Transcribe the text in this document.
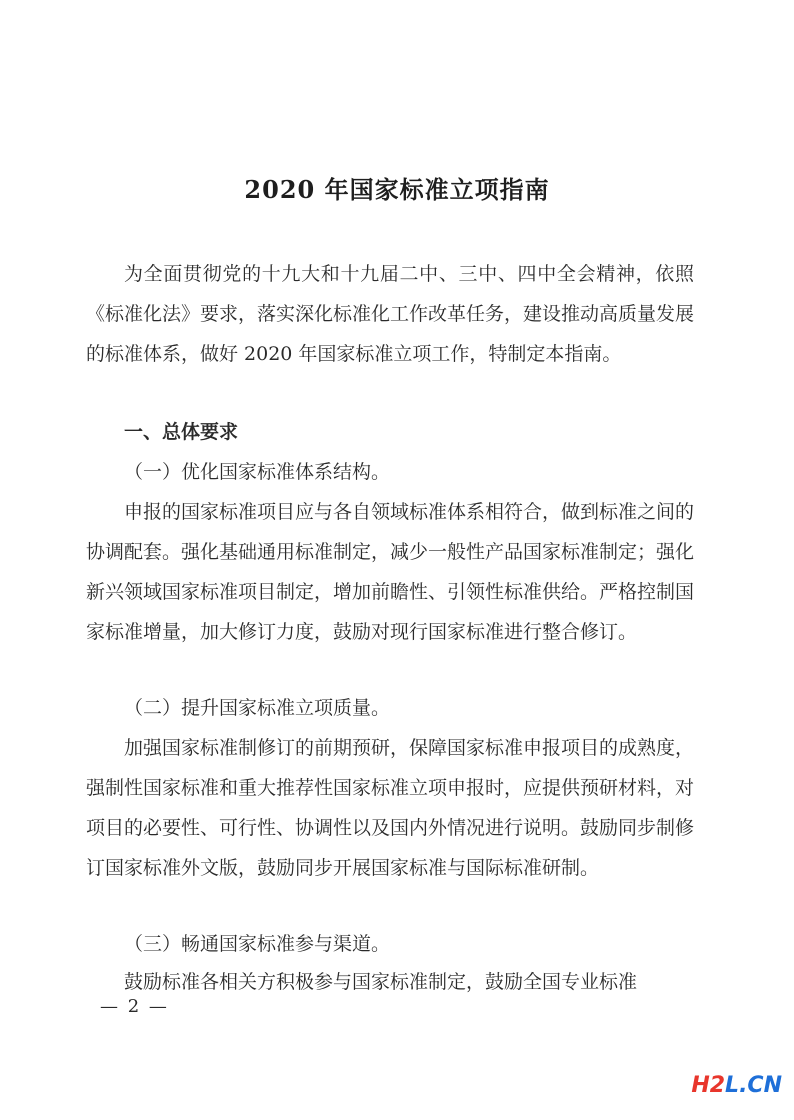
2020 年国家标准立项指南

为全面贯彻党的十九大和十九届二中、三中、四中全会精神，依照《标准化法》要求，落实深化标准化工作改革任务，建设推动高质量发展的标准体系，做好 2020 年国家标准立项工作，特制定本指南。

一、总体要求

（一）优化国家标准体系结构。

申报的国家标准项目应与各自领域标准体系相符合，做到标准之间的协调配套。强化基础通用标准制定，减少一般性产品国家标准制定；强化新兴领域国家标准项目制定，增加前瞻性、引领性标准供给。严格控制国家标准增量，加大修订力度，鼓励对现行国家标准进行整合修订。

（二）提升国家标准立项质量。

加强国家标准制修订的前期预研，保障国家标准申报项目的成熟度，强制性国家标准和重大推荐性国家标准立项申报时，应提供预研材料，对项目的必要性、可行性、协调性以及国内外情况进行说明。鼓励同步制修订国家标准外文版，鼓励同步开展国家标准与国际标准研制。

（三）畅通国家标准参与渠道。

鼓励标准各相关方积极参与国家标准制定，鼓励全国专业标准

— 2 —
H2L.CN
